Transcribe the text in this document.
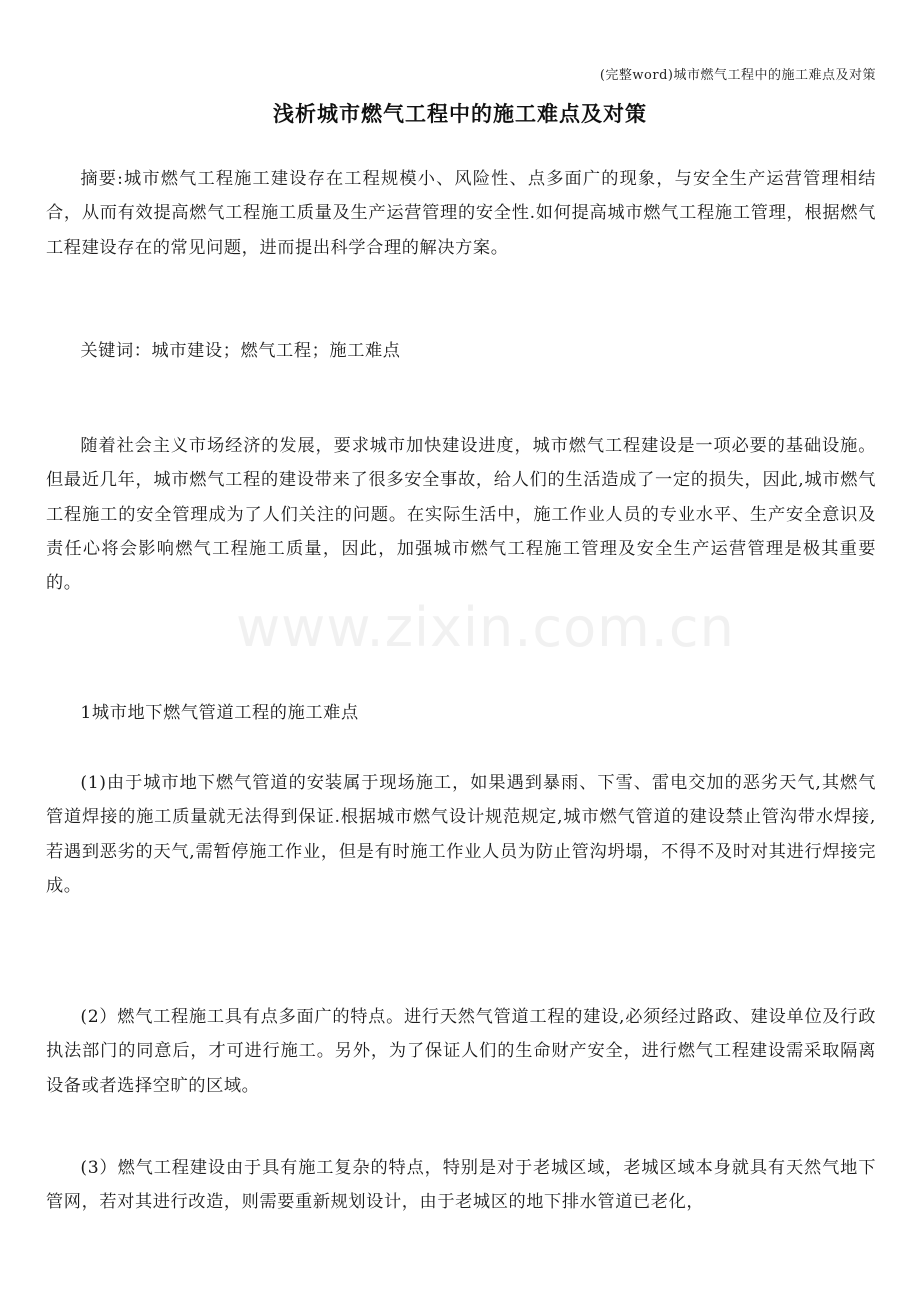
(完整word)城市燃气工程中的施工难点及对策
浅析城市燃气工程中的施工难点及对策

摘要:城市燃气工程施工建设存在工程规模小、风险性、点多面广的现象，与安全生产运营管理相结合，从而有效提高燃气工程施工质量及生产运营管理的安全性.如何提高城市燃气工程施工管理，根据燃气工程建设存在的常见问题，进而提出科学合理的解决方案。

关键词：城市建设；燃气工程；施工难点

随着社会主义市场经济的发展，要求城市加快建设进度，城市燃气工程建设是一项必要的基础设施。但最近几年，城市燃气工程的建设带来了很多安全事故，给人们的生活造成了一定的损失，因此,城市燃气工程施工的安全管理成为了人们关注的问题。在实际生活中，施工作业人员的专业水平、生产安全意识及责任心将会影响燃气工程施工质量，因此，加强城市燃气工程施工管理及安全生产运营管理是极其重要的。

1城市地下燃气管道工程的施工难点

(1)由于城市地下燃气管道的安装属于现场施工，如果遇到暴雨、下雪、雷电交加的恶劣天气,其燃气管道焊接的施工质量就无法得到保证.根据城市燃气设计规范规定,城市燃气管道的建设禁止管沟带水焊接,若遇到恶劣的天气,需暂停施工作业，但是有时施工作业人员为防止管沟坍塌，不得不及时对其进行焊接完成。

(2）燃气工程施工具有点多面广的特点。进行天然气管道工程的建设,必须经过路政、建设单位及行政执法部门的同意后，才可进行施工。另外，为了保证人们的生命财产安全，进行燃气工程建设需采取隔离设备或者选择空旷的区域。

(3）燃气工程建设由于具有施工复杂的特点，特别是对于老城区域，老城区域本身就具有天然气地下管网，若对其进行改造，则需要重新规划设计，由于老城区的地下排水管道已老化，

www.zixin.com.cn
